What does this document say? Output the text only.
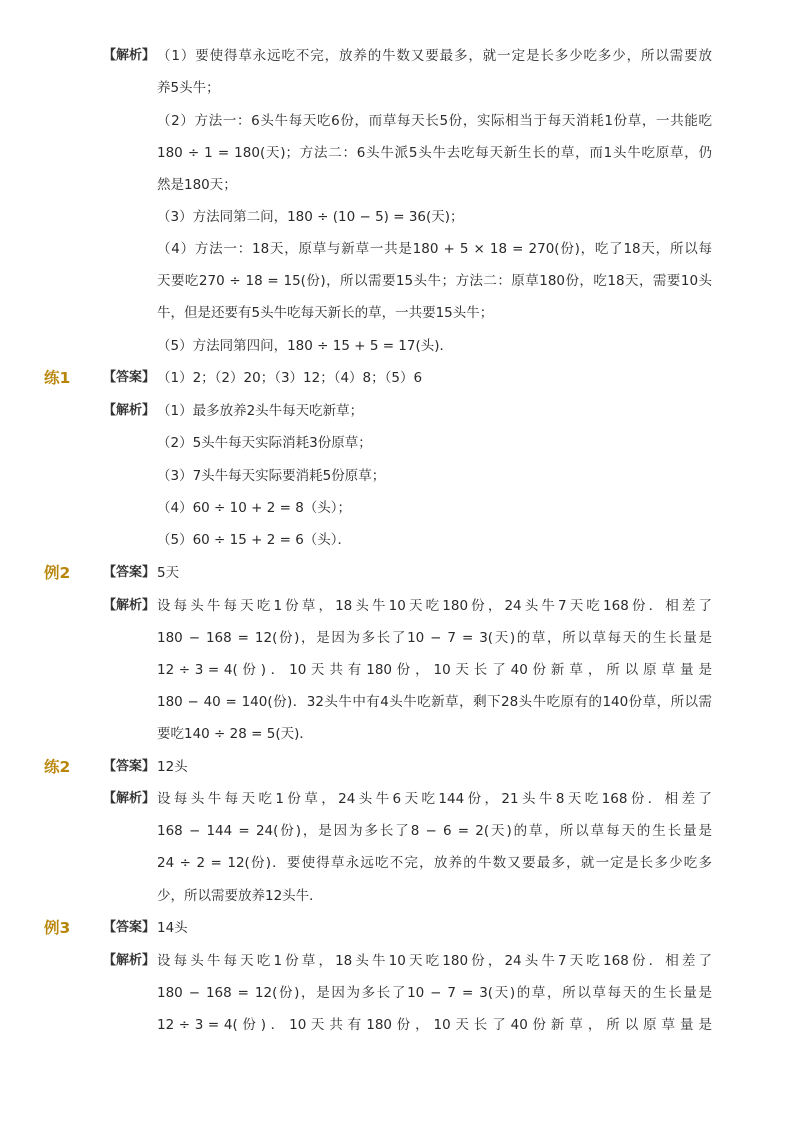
【解析】 （1）要使得草永远吃不完，放养的牛数又要最多，就一定是长多少吃多少，所以需要放
养5头牛；
（2）方法一：6头牛每天吃6份，而草每天长5份，实际相当于每天消耗1份草，一共能吃
180 ÷ 1 = 180(天)；方法二：6头牛派5头牛去吃每天新生长的草，而1头牛吃原草，仍
然是180天；
（3）方法同第二问，180 ÷ (10 − 5) = 36(天)；
（4）方法一：18天，原草与新草一共是180 + 5 × 18 = 270(份)，吃了18天，所以每
天要吃270 ÷ 18 = 15(份)，所以需要15头牛；方法二：原草180份，吃18天，需要10头
牛，但是还要有5头牛吃每天新长的草，一共要15头牛；
（5）方法同第四问，180 ÷ 15 + 5 = 17(头)．
练1	【答案】 （1）2；（2）20；（3）12；（4）8；（5）6
【解析】 （1）最多放养2头牛每天吃新草；
（2）5头牛每天实际消耗3份原草；
（3）7头牛每天实际要消耗5份原草；
（4）60 ÷ 10 + 2 = 8（头）；
（5）60 ÷ 15 + 2 = 6（头）．
例2	【答案】 5天
【解析】 设每头牛每天吃1份草，18头牛10天吃180份，24头牛7天吃168份．相差了
180 − 168 = 12(份)，是因为多长了10 − 7 = 3(天)的草，所以草每天的生长量是
12 ÷ 3 = 4( 份 ) ． 10 天 共 有 180 份 ， 10 天 长 了 40 份 新 草 ， 所 以 原 草 量 是
180 − 40 = 140(份)．32头牛中有4头牛吃新草，剩下28头牛吃原有的140份草，所以需
要吃140 ÷ 28 = 5(天)．
练2	【答案】 12头
【解析】 设每头牛每天吃1份草，24头牛6天吃144份，21头牛8天吃168份．相差了
168 − 144 = 24(份)，是因为多长了8 − 6 = 2(天)的草，所以草每天的生长量是
24 ÷ 2 = 12(份)．要使得草永远吃不完，放养的牛数又要最多，就一定是长多少吃多
少，所以需要放养12头牛．
例3	【答案】 14头
【解析】 设每头牛每天吃1份草，18头牛10天吃180份，24头牛7天吃168份．相差了
180 − 168 = 12(份)，是因为多长了10 − 7 = 3(天)的草，所以草每天的生长量是
12 ÷ 3 = 4( 份 ) ． 10 天 共 有 180 份 ， 10 天 长 了 40 份 新 草 ， 所 以 原 草 量 是
